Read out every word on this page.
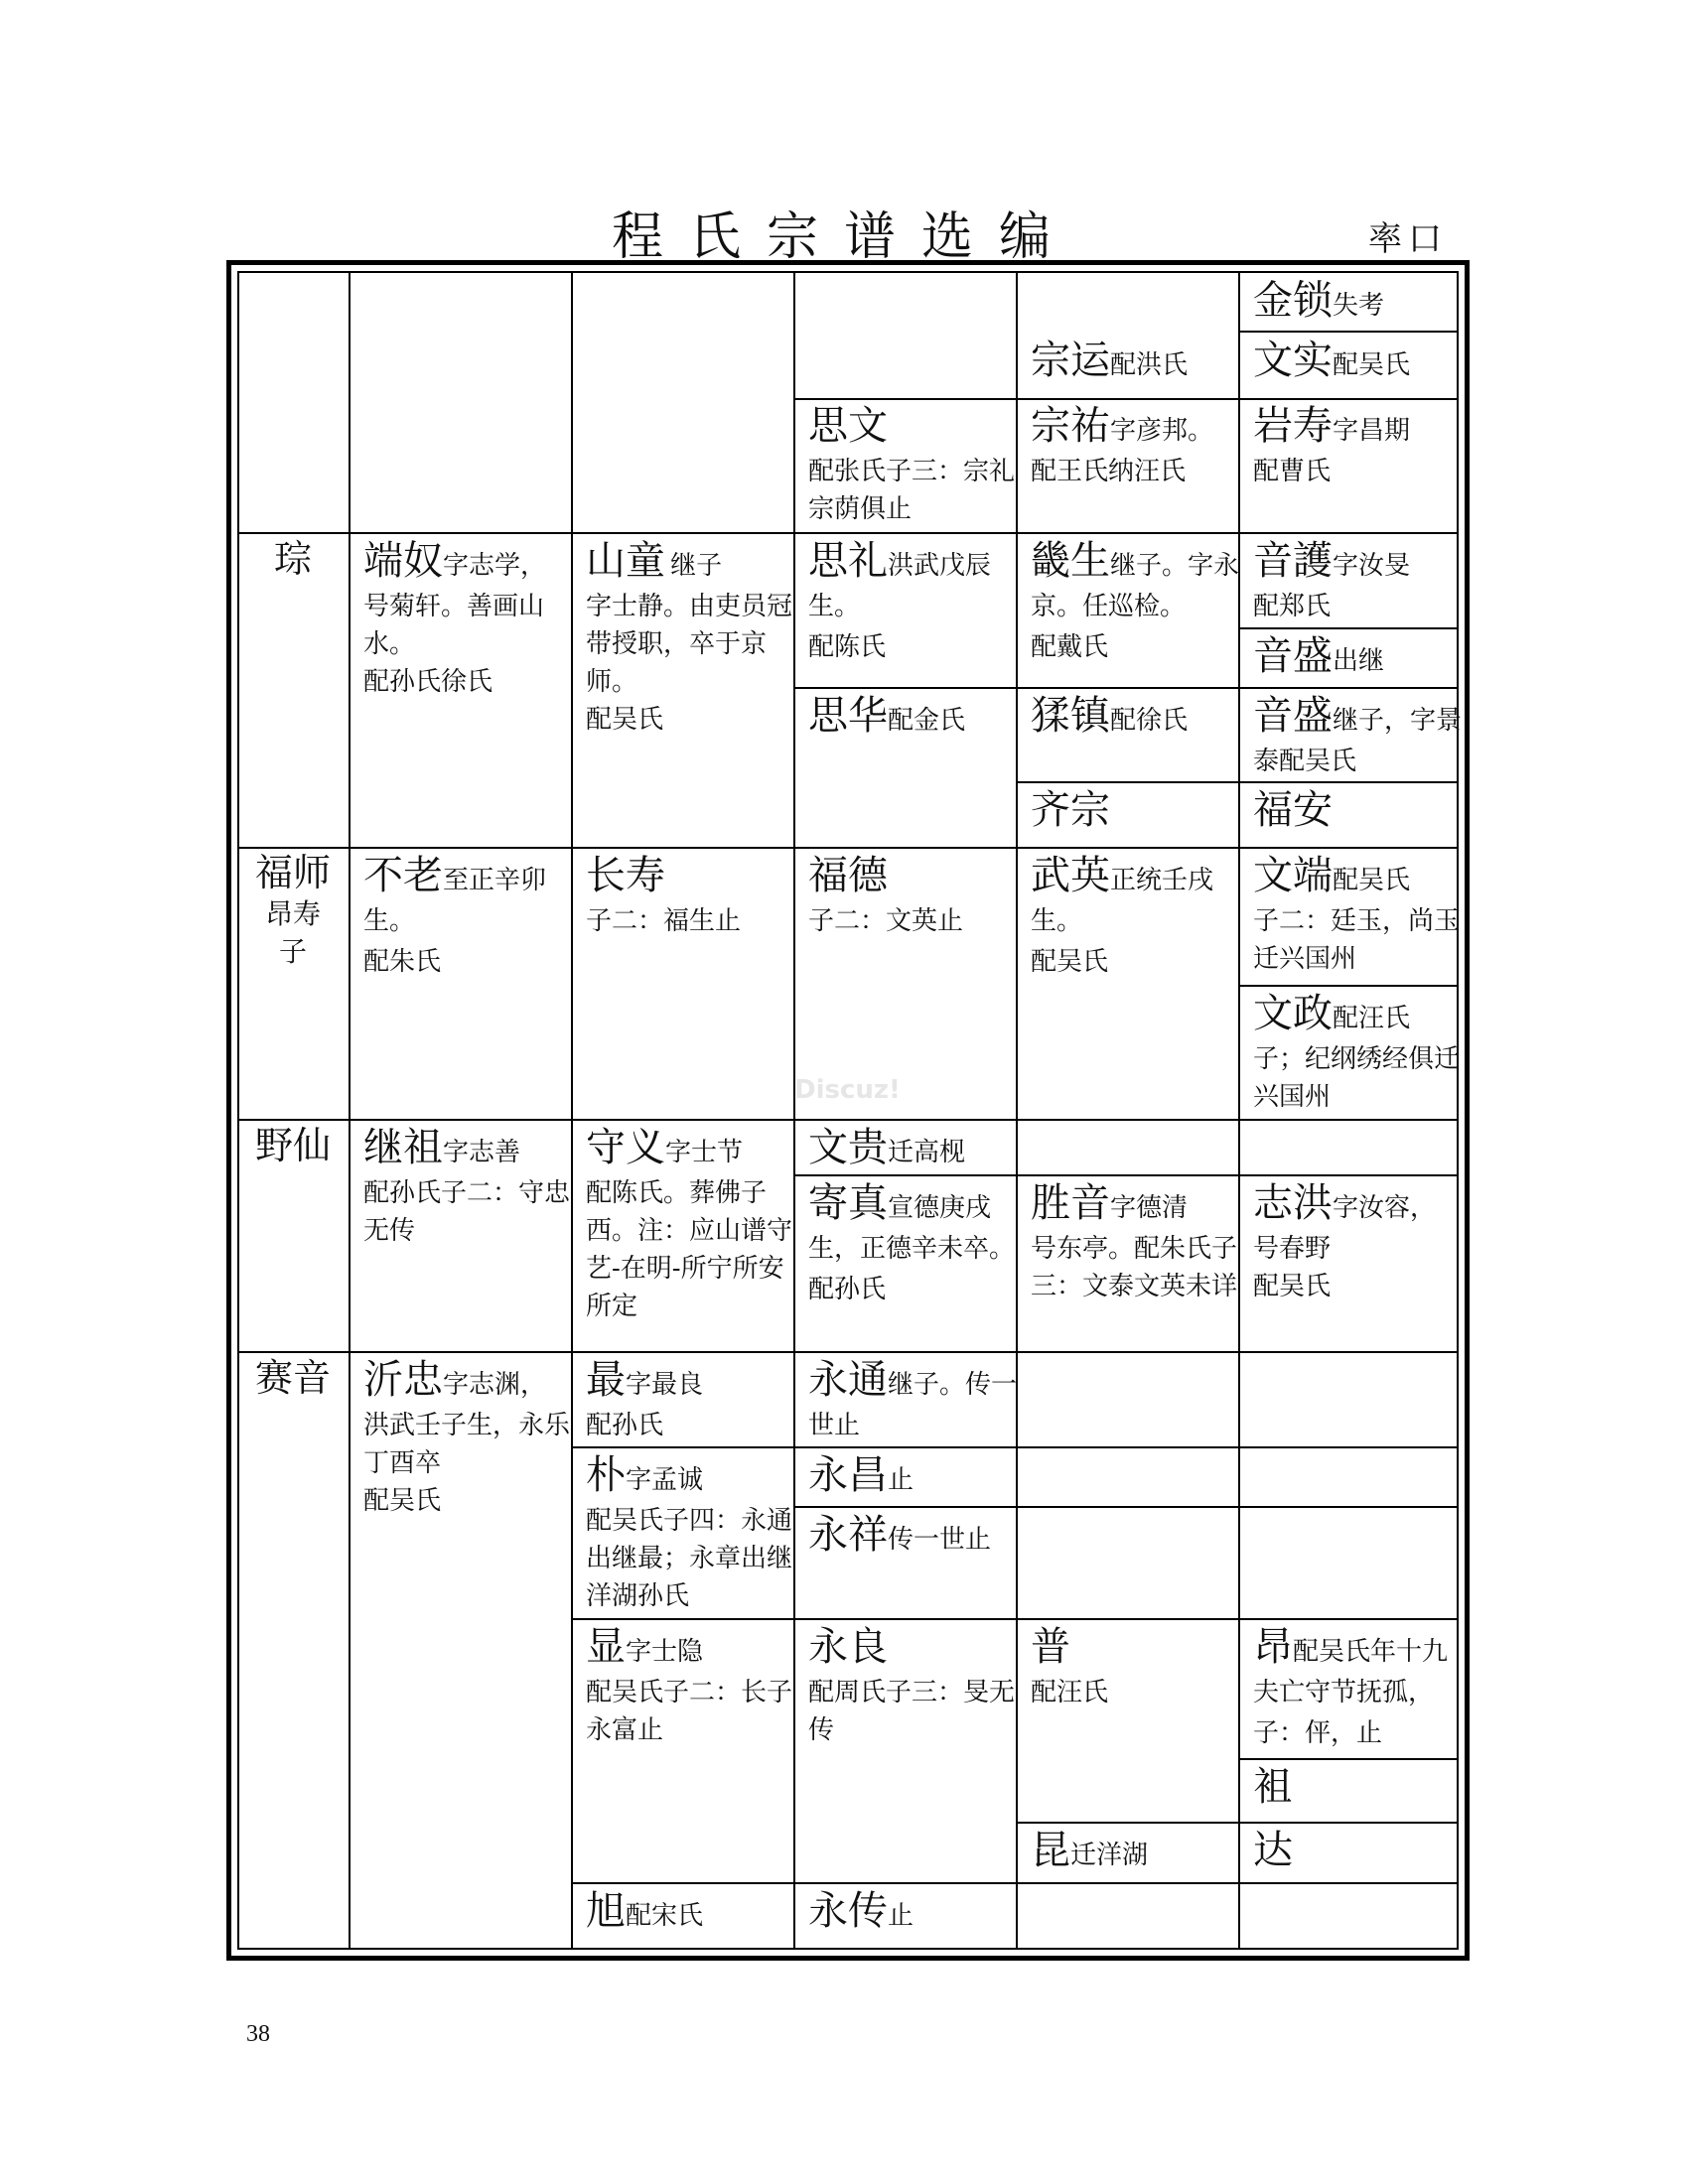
程氏宗谱选编	率口
Discuz!
38
琮
福师
昂寿
子
野仙
赛音
金锁失考
文实配吴氏
岩寿字昌期
配曹氏
音護字汝旻
配郑氏
音盛出继
音盛继子，字景泰配吴氏
福安
文端配吴氏
子二：廷玉，尚玉迁兴国州
文政配汪氏
子；纪纲绣经俱迁兴国州
志洪字汝容，
号春野
配吴氏
昂配吴氏年十九夫亡守节抚孤，子：伻，止
袓
达
宗运配洪氏
宗祐字彦邦。
配王氏纳汪氏
畿生继子。字永京。任巡检。
配戴氏
猱镇配徐氏
齐宗
武英正统壬戌生。
配吴氏
胜音字德清
号东亭。配朱氏子三：文泰文英未详
普
配汪氏
昆迁洋湖
思文
配张氏子三：宗礼宗荫俱止
思礼洪武戊辰生。
配陈氏
思华配金氏
福德
子二：文英止
文贵迁高枧
寄真宣德庚戌生，正德辛未卒。
配孙氏
永通继子。传一世止
永昌止
永祥传一世止
永良
配周氏子三：旻无传
永传止
山童 继子
字士静。由吏员冠带授职，卒于京师。
配吴氏
长寿
子二：福生止
守义字士节
配陈氏。葬佛子西。注：应山谱守艺-在明-所宁所安所定
最字最良
配孙氏
朴字孟诚
配吴氏子四：永通出继最；永章出继洋湖孙氏
显字士隐
配吴氏子二：长子永富止
旭配宋氏
端奴字志学，
号菊轩。善画山水。
配孙氏徐氏
不老至正辛卯生。
配朱氏
继祖字志善
配孙氏子二：守忠无传
沂忠字志渊，
洪武壬子生，永乐丁酉卒
配吴氏
